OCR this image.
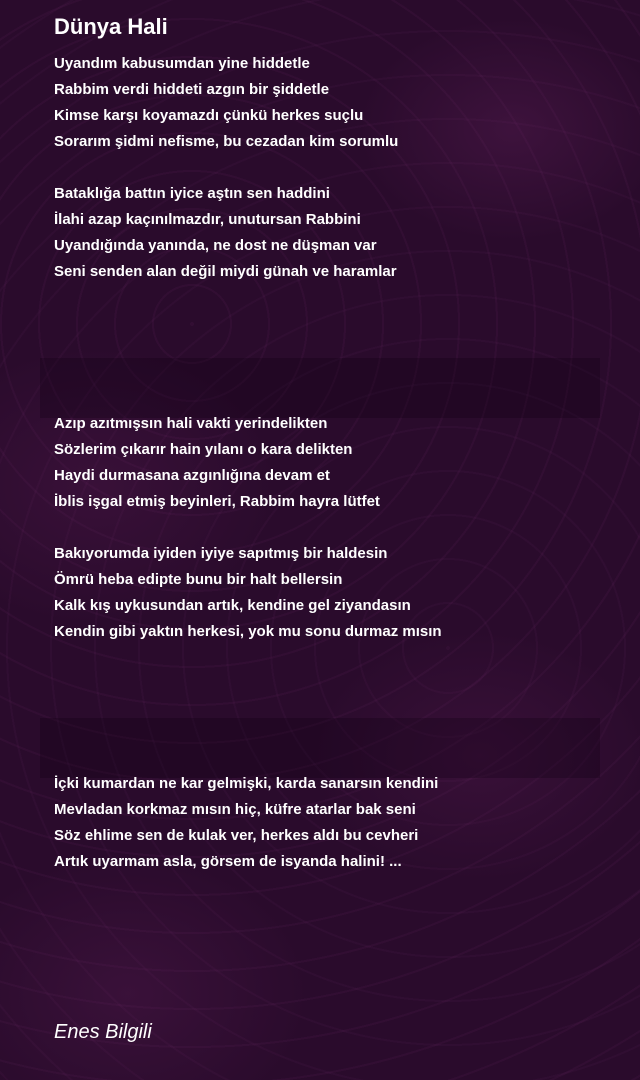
Dünya Hali
Uyandım kabusumdan yine hiddetle
Rabbim verdi hiddeti azgın bir şiddetle
Kimse karşı koyamazdı çünkü herkes suçlu
Sorarım şidmi nefisme, bu cezadan kim sorumlu
Bataklığa battın iyice aştın sen haddini
İlahi azap kaçınılmazdır, unutursan Rabbini
Uyandığında yanında, ne dost ne düşman var
Seni senden alan değil miydi günah ve haramlar
Azıp azıtmışsın hali vakti yerindelikten
Sözlerim çıkarır hain yılanı o kara delikten
Haydi durmasana azgınlığına devam et
İblis işgal etmiş beyinleri, Rabbim hayra lütfet
Bakıyorumda iyiden iyiye sapıtmış bir haldesin
Ömrü heba edipte bunu bir halt bellersin
Kalk kış uykusundan artık, kendine gel ziyandasın
Kendin gibi yaktın herkesi, yok mu sonu durmaz mısın
İçki kumardan ne kar gelmişki, karda sanarsın kendini
Mevladan korkmaz mısın hiç, küfre atarlar bak seni
Söz ehlime sen de kulak ver, herkes aldı bu cevheri
Artık uyarmam asla, görsem de isyanda halini! ...
Enes Bilgili
